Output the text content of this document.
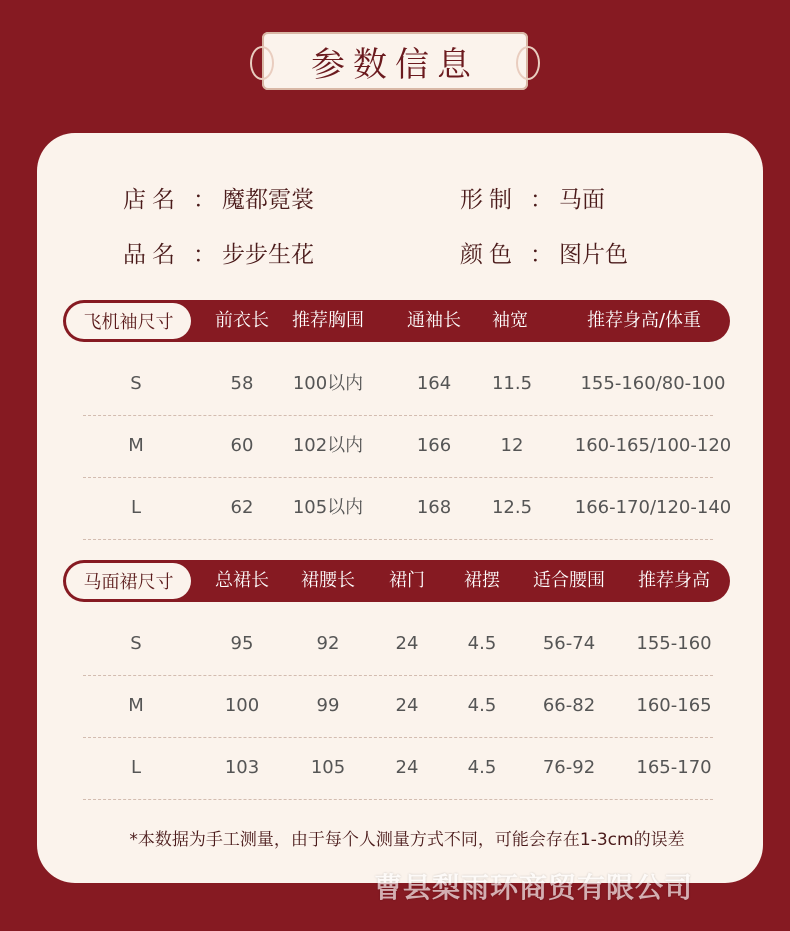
参数信息
店名 ： 魔都霓裳	形制 ： 马面
品名 ： 步步生花	颜色 ： 图片色
飞机袖尺寸	前衣长 推荐胸围 通袖长 袖宽	推荐身高/体重
S	58 100以内	164 11.5	155-160/80-100
M	60 102以内	166	12	160-165/100-120
L	62 105以内	168 12.5 166-170/120-140
马面裙尺寸	总裙长 裙腰长 裙门 裙摆 适合腰围 推荐身高
S	95	92	24	4.5	56-74 155-160
M	100	99	24	4.5	66-82 160-165
L	103	105	24	4.5	76-92 165-170
*本数据为手工测量，由于每个人测量方式不同，可能会存在1-3cm的误差
曹县梨雨环商贸有限公司
